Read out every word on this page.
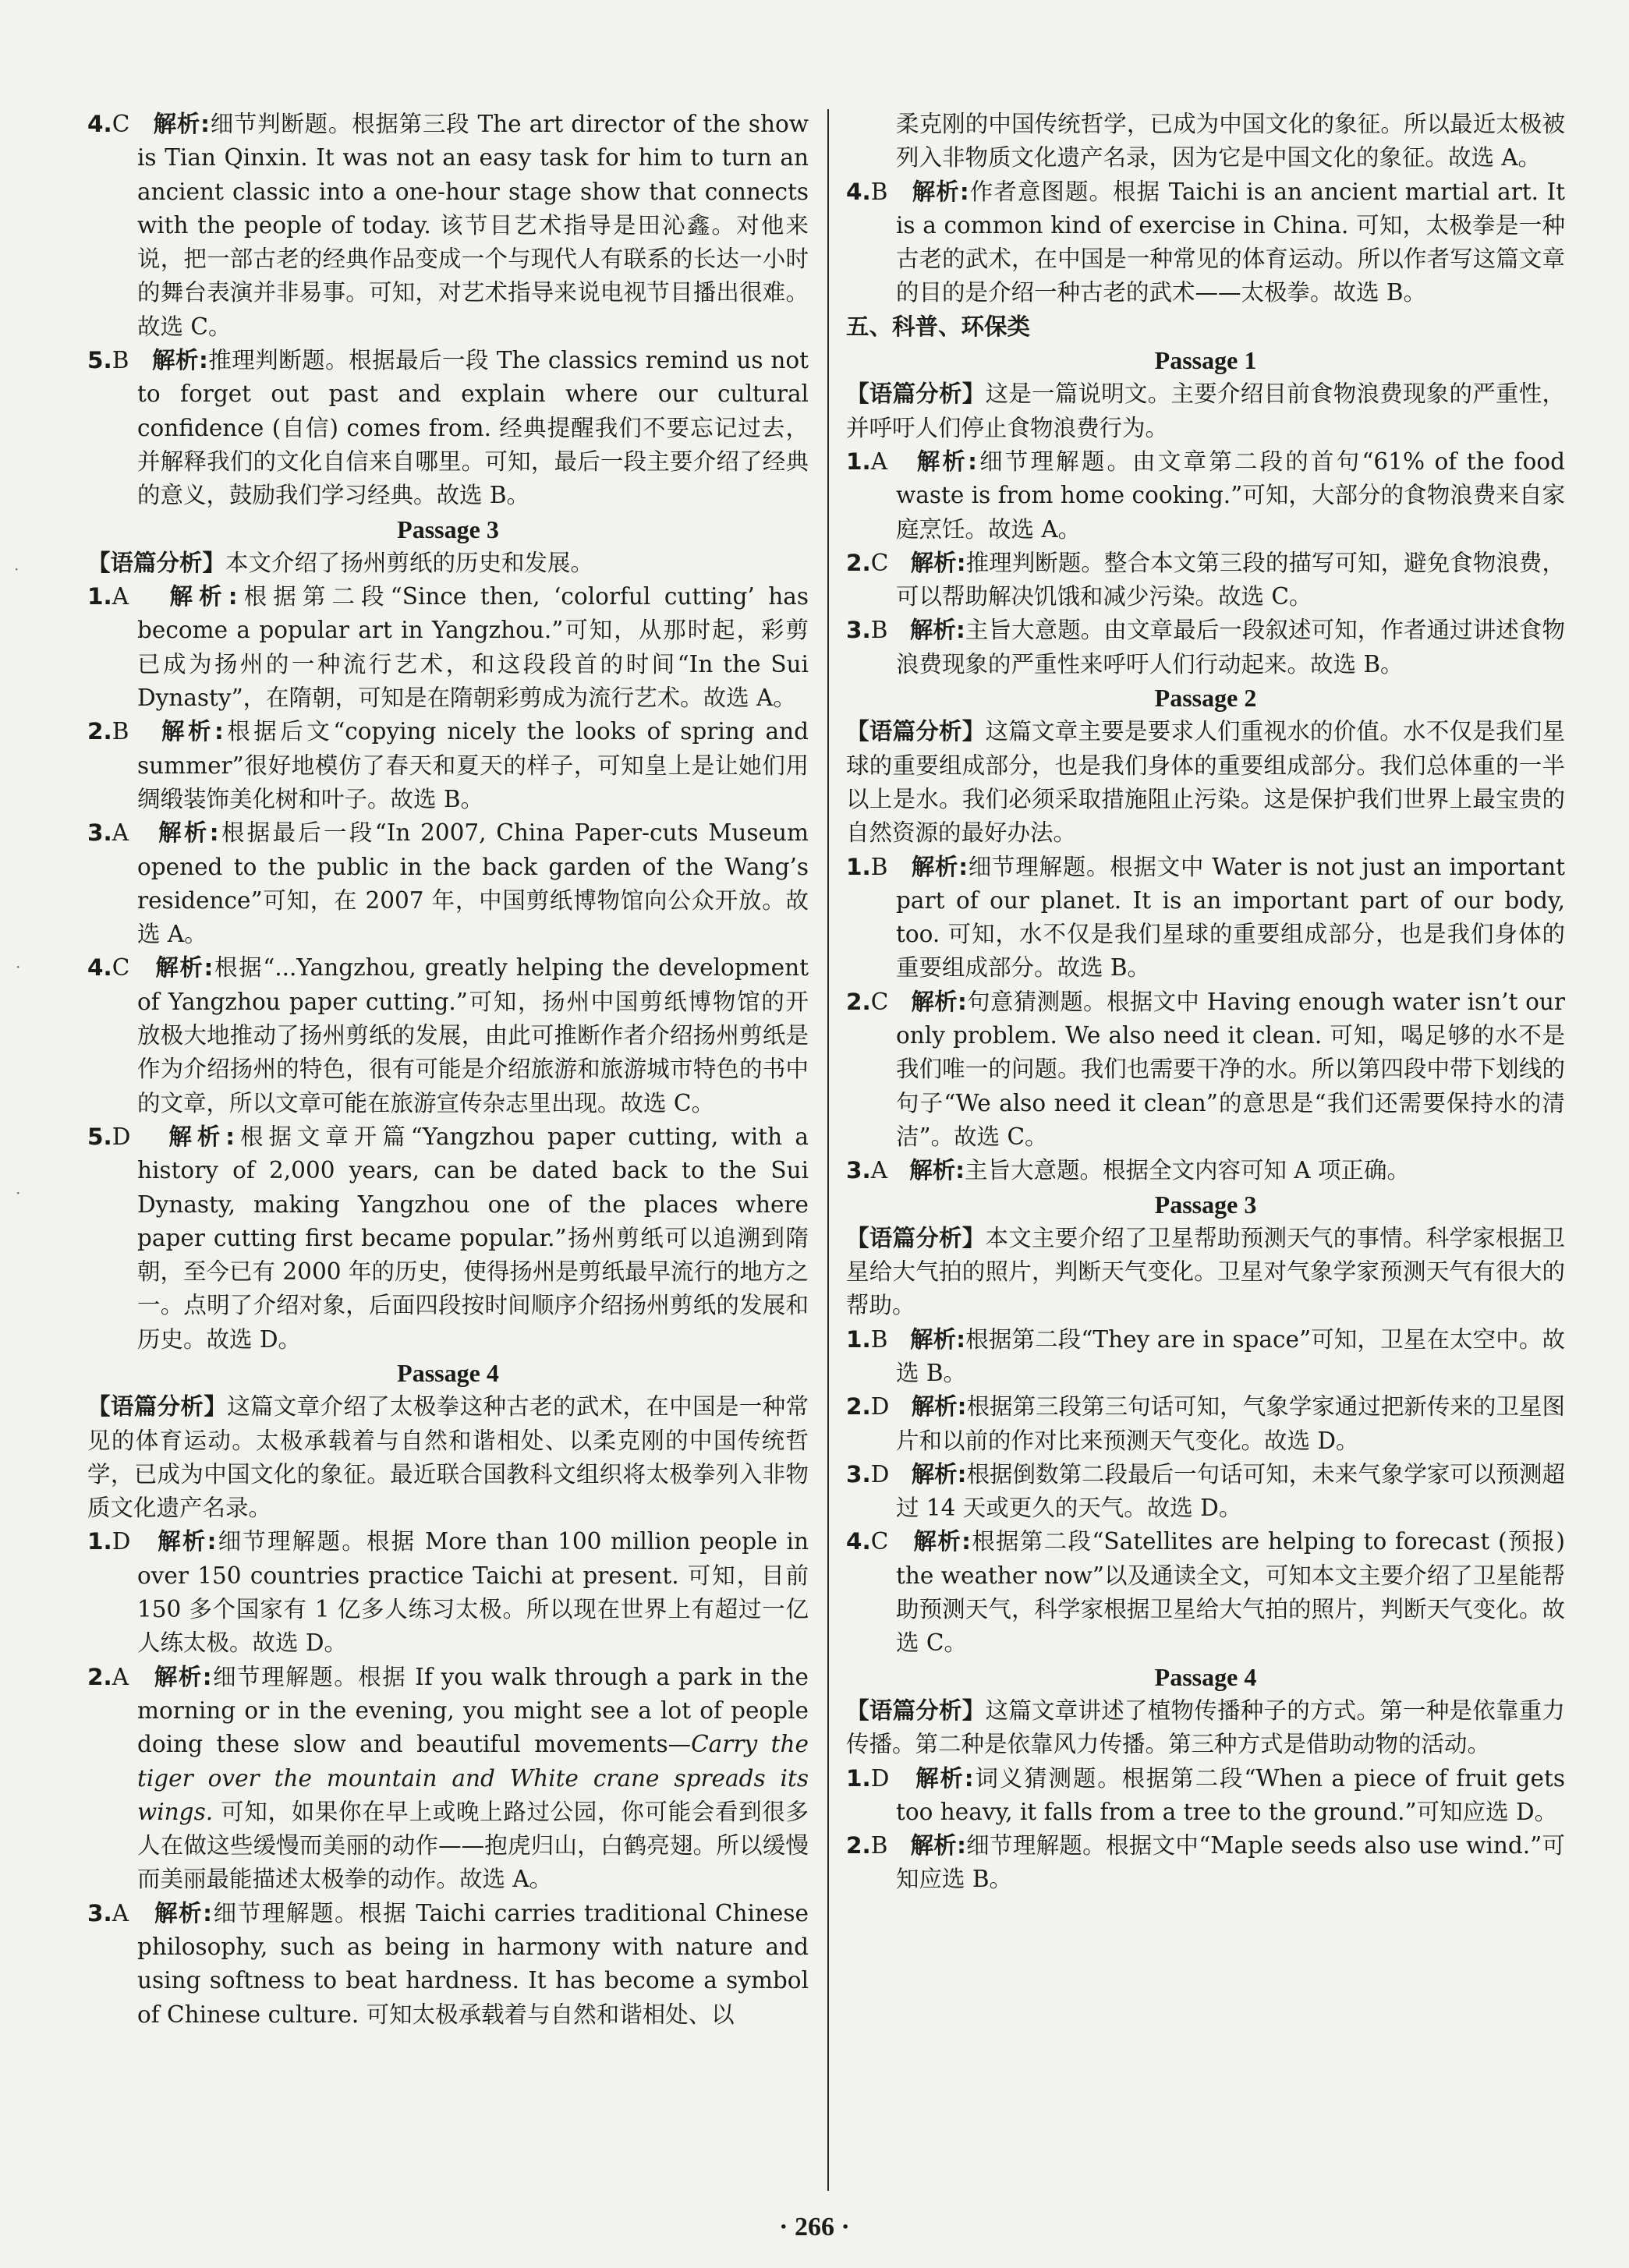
·
·
·

4.C 解析:细节判断题。根据第三段 The art director of the show is Tian Qinxin. It was not an easy task for him to turn an ancient classic into a one-hour stage show that connects with the people of today. 该节目艺术指导是田沁鑫。对他来说，把一部古老的经典作品变成一个与现代人有联系的长达一小时的舞台表演并非易事。可知，对艺术指导来说电视节目播出很难。故选 C。

5.B 解析:推理判断题。根据最后一段 The classics remind us not to forget out past and explain where our cultural confidence (自信) comes from. 经典提醒我们不要忘记过去，并解释我们的文化自信来自哪里。可知，最后一段主要介绍了经典的意义，鼓励我们学习经典。故选 B。

Passage 3

【语篇分析】本文介绍了扬州剪纸的历史和发展。

1.A 解析:根据第二段“Since then, ‘colorful cutting’ has become a popular art in Yangzhou.”可知，从那时起，彩剪已成为扬州的一种流行艺术，和这段段首的时间“In the Sui Dynasty”，在隋朝，可知是在隋朝彩剪成为流行艺术。故选 A。

2.B 解析:根据后文“copying nicely the looks of spring and summer”很好地模仿了春天和夏天的样子，可知皇上是让她们用绸缎装饰美化树和叶子。故选 B。

3.A 解析:根据最后一段“In 2007, China Paper-cuts Museum opened to the public in the back garden of the Wang’s residence”可知，在 2007 年，中国剪纸博物馆向公众开放。故选 A。

4.C 解析:根据“...Yangzhou, greatly helping the development of Yangzhou paper cutting.”可知，扬州中国剪纸博物馆的开放极大地推动了扬州剪纸的发展，由此可推断作者介绍扬州剪纸是作为介绍扬州的特色，很有可能是介绍旅游和旅游城市特色的书中的文章，所以文章可能在旅游宣传杂志里出现。故选 C。

5.D 解析:根据文章开篇“Yangzhou paper cutting, with a history of 2,000 years, can be dated back to the Sui Dynasty, making Yangzhou one of the places where paper cutting first became popular.”扬州剪纸可以追溯到隋朝，至今已有 2000 年的历史，使得扬州是剪纸最早流行的地方之一。点明了介绍对象，后面四段按时间顺序介绍扬州剪纸的发展和历史。故选 D。

Passage 4

【语篇分析】这篇文章介绍了太极拳这种古老的武术，在中国是一种常见的体育运动。太极承载着与自然和谐相处、以柔克刚的中国传统哲学，已成为中国文化的象征。最近联合国教科文组织将太极拳列入非物质文化遗产名录。

1.D 解析:细节理解题。根据 More than 100 million people in over 150 countries practice Taichi at present. 可知，目前 150 多个国家有 1 亿多人练习太极。所以现在世界上有超过一亿人练太极。故选 D。

2.A 解析:细节理解题。根据 If you walk through a park in the morning or in the evening, you might see a lot of people doing these slow and beautiful movements—Carry the tiger over the mountain and White crane spreads its wings. 可知，如果你在早上或晚上路过公园，你可能会看到很多人在做这些缓慢而美丽的动作——抱虎归山，白鹤亮翅。所以缓慢而美丽最能描述太极拳的动作。故选 A。

3.A 解析:细节理解题。根据 Taichi carries traditional Chinese philosophy, such as being in harmony with nature and using softness to beat hardness. It has become a symbol of Chinese culture. 可知太极承载着与自然和谐相处、以

柔克刚的中国传统哲学，已成为中国文化的象征。所以最近太极被列入非物质文化遗产名录，因为它是中国文化的象征。故选 A。

4.B 解析:作者意图题。根据 Taichi is an ancient martial art. It is a common kind of exercise in China. 可知，太极拳是一种古老的武术，在中国是一种常见的体育运动。所以作者写这篇文章的目的是介绍一种古老的武术——太极拳。故选 B。

五、科普、环保类

Passage 1

【语篇分析】这是一篇说明文。主要介绍目前食物浪费现象的严重性，并呼吁人们停止食物浪费行为。

1.A 解析:细节理解题。由文章第二段的首句“61% of the food waste is from home cooking.”可知，大部分的食物浪费来自家庭烹饪。故选 A。

2.C 解析:推理判断题。整合本文第三段的描写可知，避免食物浪费，可以帮助解决饥饿和减少污染。故选 C。

3.B 解析:主旨大意题。由文章最后一段叙述可知，作者通过讲述食物浪费现象的严重性来呼吁人们行动起来。故选 B。

Passage 2

【语篇分析】这篇文章主要是要求人们重视水的价值。水不仅是我们星球的重要组成部分，也是我们身体的重要组成部分。我们总体重的一半以上是水。我们必须采取措施阻止污染。这是保护我们世界上最宝贵的自然资源的最好办法。

1.B 解析:细节理解题。根据文中 Water is not just an important part of our planet. It is an important part of our body, too. 可知，水不仅是我们星球的重要组成部分，也是我们身体的重要组成部分。故选 B。

2.C 解析:句意猜测题。根据文中 Having enough water isn’t our only problem. We also need it clean. 可知，喝足够的水不是我们唯一的问题。我们也需要干净的水。所以第四段中带下划线的句子“We also need it clean”的意思是“我们还需要保持水的清洁”。故选 C。

3.A 解析:主旨大意题。根据全文内容可知 A 项正确。

Passage 3

【语篇分析】本文主要介绍了卫星帮助预测天气的事情。科学家根据卫星给大气拍的照片，判断天气变化。卫星对气象学家预测天气有很大的帮助。

1.B 解析:根据第二段“They are in space”可知，卫星在太空中。故选 B。

2.D 解析:根据第三段第三句话可知，气象学家通过把新传来的卫星图片和以前的作对比来预测天气变化。故选 D。

3.D 解析:根据倒数第二段最后一句话可知，未来气象学家可以预测超过 14 天或更久的天气。故选 D。

4.C 解析:根据第二段“Satellites are helping to forecast (预报) the weather now”以及通读全文，可知本文主要介绍了卫星能帮助预测天气，科学家根据卫星给大气拍的照片，判断天气变化。故选 C。

Passage 4

【语篇分析】这篇文章讲述了植物传播种子的方式。第一种是依靠重力传播。第二种是依靠风力传播。第三种方式是借助动物的活动。

1.D 解析:词义猜测题。根据第二段“When a piece of fruit gets too heavy, it falls from a tree to the ground.”可知应选 D。

2.B 解析:细节理解题。根据文中“Maple seeds also use wind.”可知应选 B。

· 266 ·
